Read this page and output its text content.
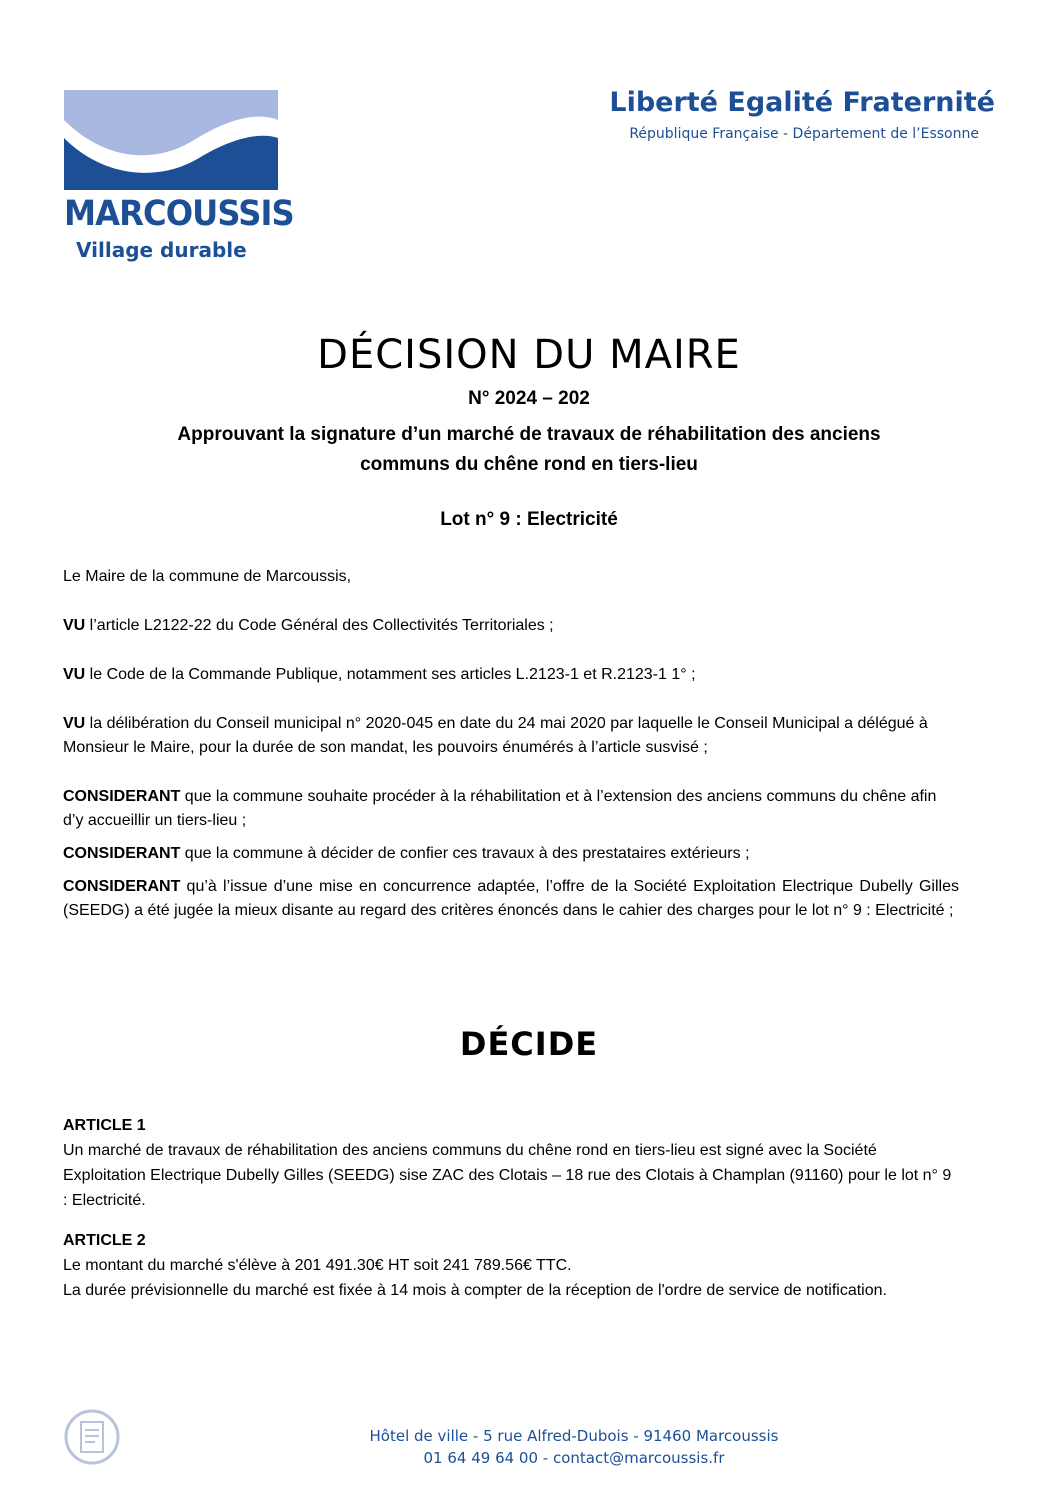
MARCOUSSIS
Village durable
Liberté Egalité Fraternité
République Française - Département de l’Essonne
DÉCISION DU MAIRE
N° 2024 – 202
Approuvant la signature d’un marché de travaux de réhabilitation des anciens
communs du chêne rond en tiers-lieu
Lot n° 9 : Electricité

Le Maire de la commune de Marcoussis,

VU l’article L2122-22 du Code Général des Collectivités Territoriales ;

VU le Code de la Commande Publique, notamment ses articles L.2123-1 et R.2123-1 1° ;

VU la délibération du Conseil municipal n° 2020-045 en date du 24 mai 2020 par laquelle le Conseil Municipal a délégué à Monsieur le Maire, pour la durée de son mandat, les pouvoirs énumérés à l’article susvisé ;

CONSIDERANT que la commune souhaite procéder à la réhabilitation et à l’extension des anciens communs du chêne afin d’y accueillir un tiers-lieu ;

CONSIDERANT que la commune à décider de confier ces travaux à des prestataires extérieurs ;

CONSIDERANT qu’à l’issue d’une mise en concurrence adaptée, l’offre de la Société Exploitation Electrique Dubelly Gilles (SEEDG) a été jugée la mieux disante au regard des critères énoncés dans le cahier des charges pour le lot n° 9 : Electricité ;

DÉCIDE

ARTICLE 1

Un marché de travaux de réhabilitation des anciens communs du chêne rond en tiers-lieu est signé avec la Société Exploitation Electrique Dubelly Gilles (SEEDG) sise ZAC des Clotais – 18 rue des Clotais à Champlan (91160) pour le lot n° 9 : Electricité.

ARTICLE 2

Le montant du marché s'élève à 201 491.30€ HT soit 241 789.56€ TTC.

La durée prévisionnelle du marché est fixée à 14 mois à compter de la réception de l'ordre de service de notification.

Hôtel de ville - 5 rue Alfred-Dubois - 91460 Marcoussis
01 64 49 64 00 - contact@marcoussis.fr
